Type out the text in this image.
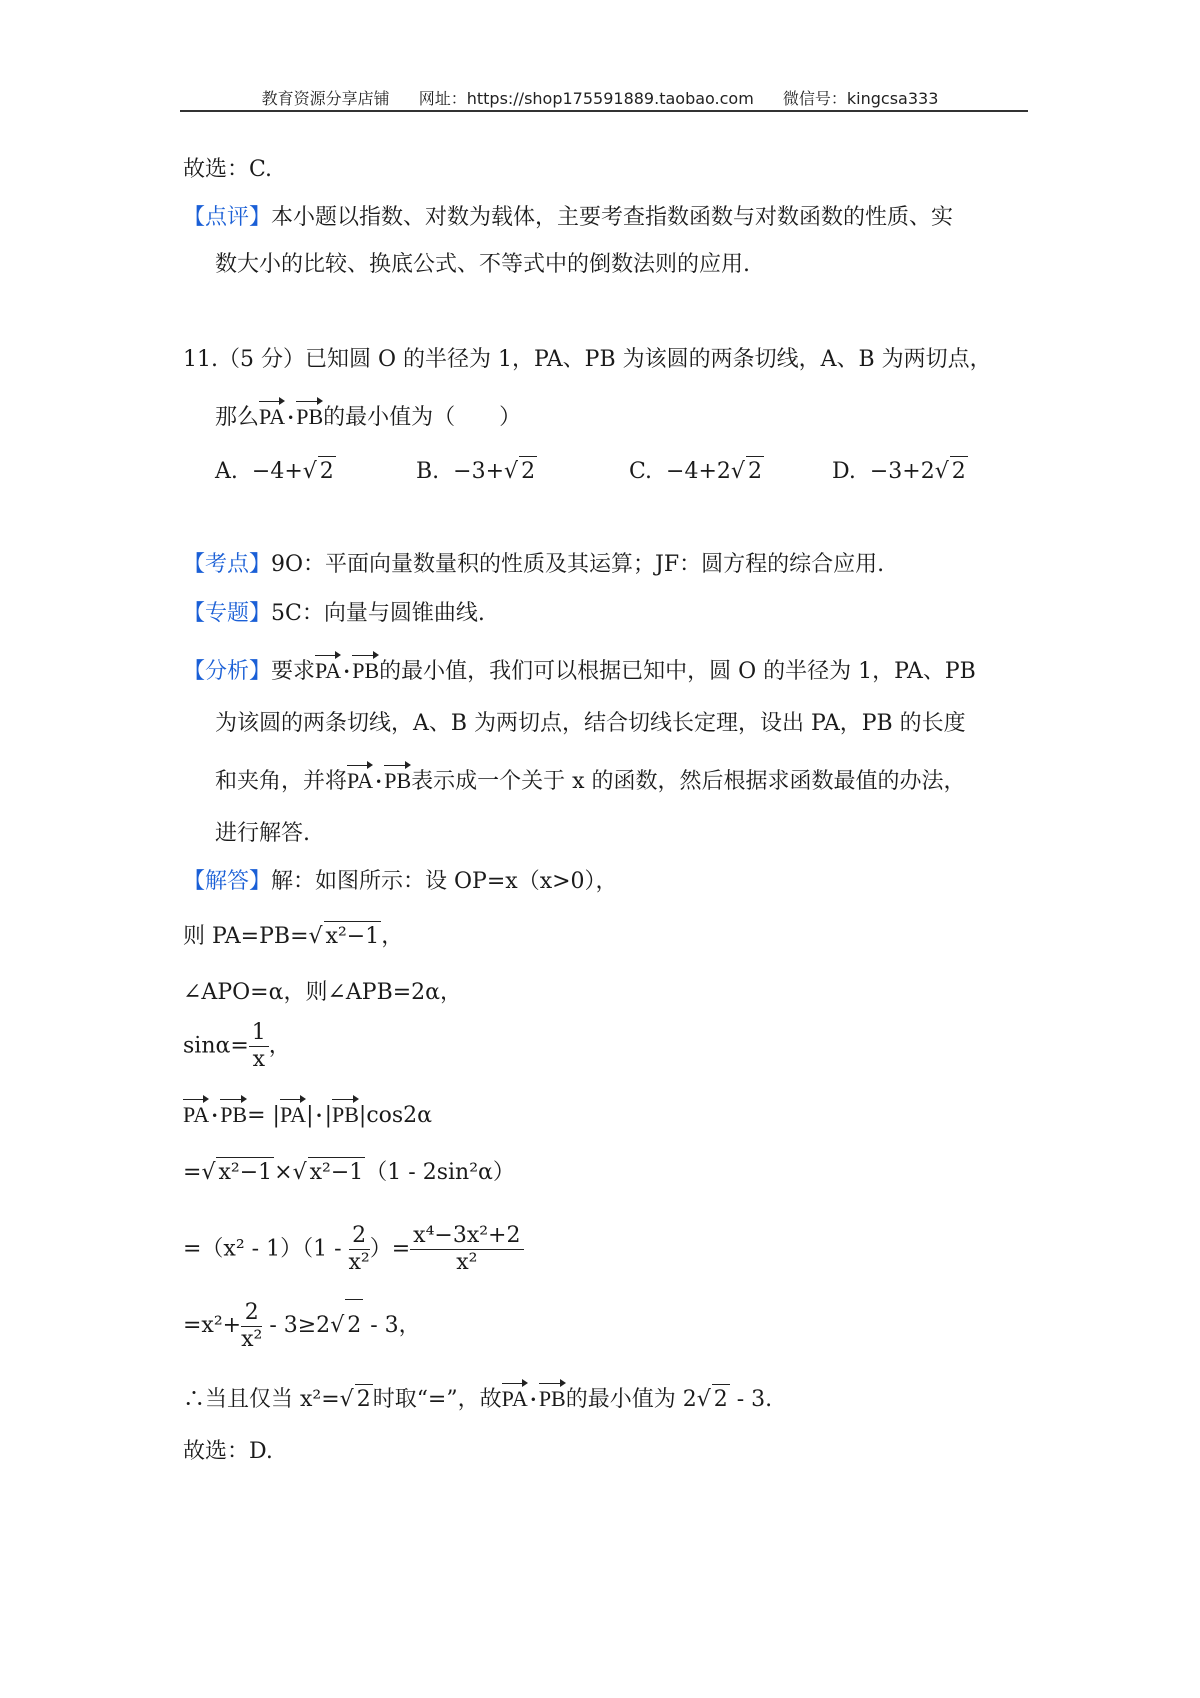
教育资源分享店铺 网址：https://shop175591889.taobao.com 微信号：kingcsa333
故选：C.
【点评】本小题以指数、对数为载体，主要考查指数函数与对数函数的性质、实
数大小的比较、换底公式、不等式中的倒数法则的应用.
11.（5 分）已知圆 O 的半径为 1，PA、PB 为该圆的两条切线，A、B 为两切点，
那么PA •PB的最小值为（　　）
A. −4+√ 2	B. −3+√ 2	C. −4+2√ 2	D. −3+2√ 2
【考点】9O：平面向量数量积的性质及其运算；JF：圆方程的综合应用.
【专题】5C：向量与圆锥曲线.
【分析】要求PA •PB的最小值，我们可以根据已知中，圆 O 的半径为 1，PA、PB
为该圆的两条切线，A、B 为两切点，结合切线长定理，设出 PA，PB 的长度
和夹角，并将PA •PB表示成一个关于 x 的函数，然后根据求函数最值的办法，
进行解答.
【解答】解：如图所示：设 OP=x（x>0），
则 PA=PB=√ x²−1，
∠APO=α，则∠APB=2α，
$\sin\alpha= \frac{1}{x}$ ，
PA •PB= |PA| •|PB|cos2α
=√ x²−1×√ x²−1（1 - 2sin²α）
$=(x^2 - 1)(1 - \frac{2}{\text{x²}}$ ）= $\frac{\text{x⁴−3x²+2}}{\text{x²}}$
$=x^2+ \frac{2}{\text{x²}} - 3\ge 2√$ 2 - 3，
∴当且仅当 x²=√ 2时取“=”，故PA •PB的最小值为 2√ 2 - 3.
故选：D.
